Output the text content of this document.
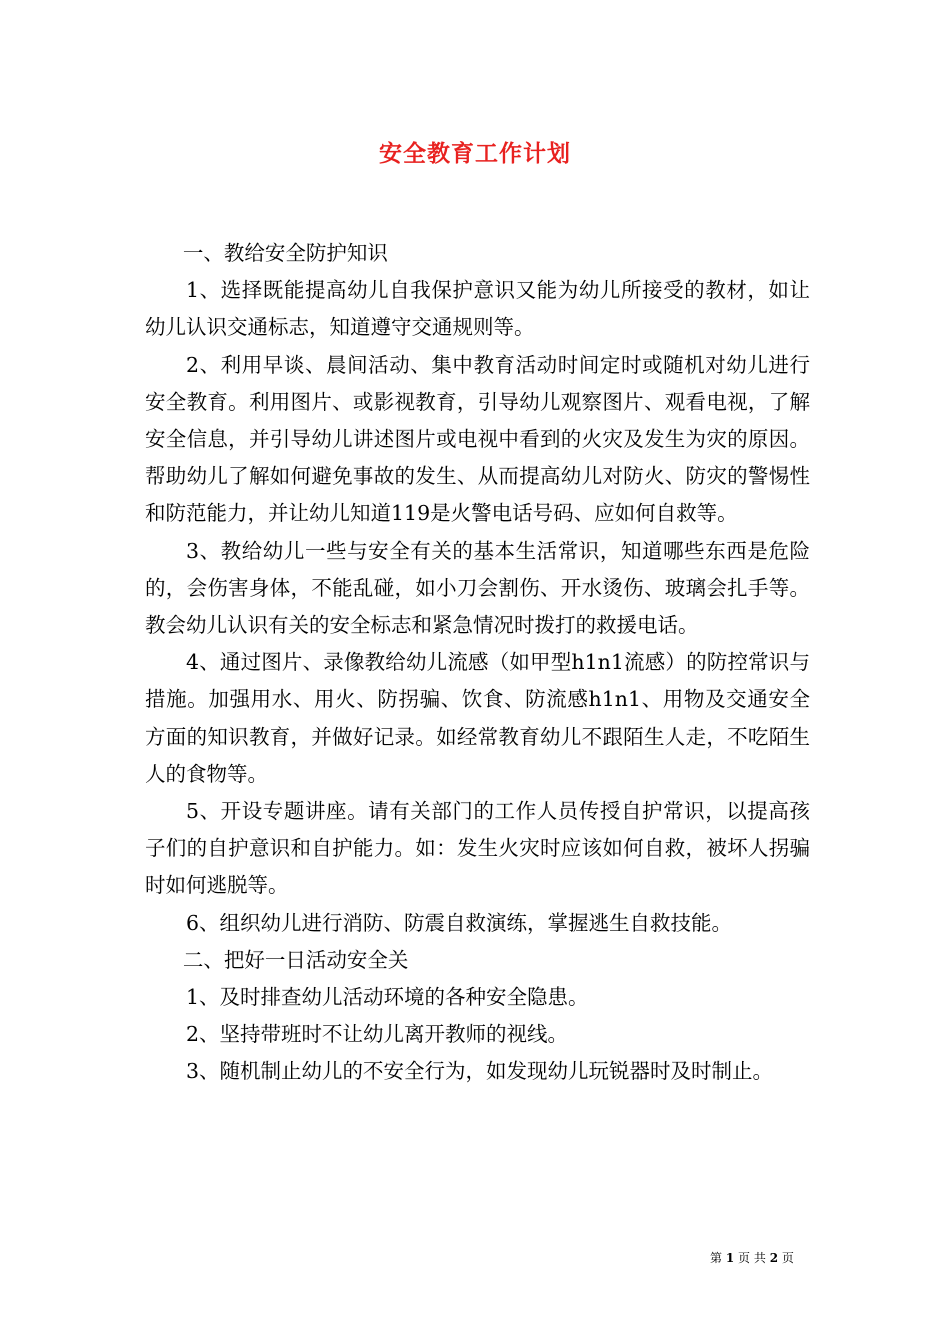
安全教育工作计划

一、教给安全防护知识

1、选择既能提高幼儿自我保护意识又能为幼儿所接受的教材，如让幼儿认识交通标志，知道遵守交通规则等。

2、利用早谈、晨间活动、集中教育活动时间定时或随机对幼儿进行安全教育。利用图片、或影视教育，引导幼儿观察图片、观看电视，了解安全信息，并引导幼儿讲述图片或电视中看到的火灾及发生为灾的原因。帮助幼儿了解如何避免事故的发生、从而提高幼儿对防火、防灾的警惕性和防范能力，并让幼儿知道119是火警电话号码、应如何自救等。

3、教给幼儿一些与安全有关的基本生活常识，知道哪些东西是危险的，会伤害身体，不能乱碰，如小刀会割伤、开水烫伤、玻璃会扎手等。教会幼儿认识有关的安全标志和紧急情况时拨打的救援电话。

4、通过图片、录像教给幼儿流感（如甲型h1n1流感）的防控常识与措施。加强用水、用火、防拐骗、饮食、防流感h1n1、用物及交通安全方面的知识教育，并做好记录。如经常教育幼儿不跟陌生人走，不吃陌生人的食物等。

5、开设专题讲座。请有关部门的工作人员传授自护常识，以提高孩子们的自护意识和自护能力。如：发生火灾时应该如何自救，被坏人拐骗时如何逃脱等。

6、组织幼儿进行消防、防震自救演练，掌握逃生自救技能。

二、把好一日活动安全关

1、及时排查幼儿活动环境的各种安全隐患。

2、坚持带班时不让幼儿离开教师的视线。

3、随机制止幼儿的不安全行为，如发现幼儿玩锐器时及时制止。

第 1 页 共 2 页
